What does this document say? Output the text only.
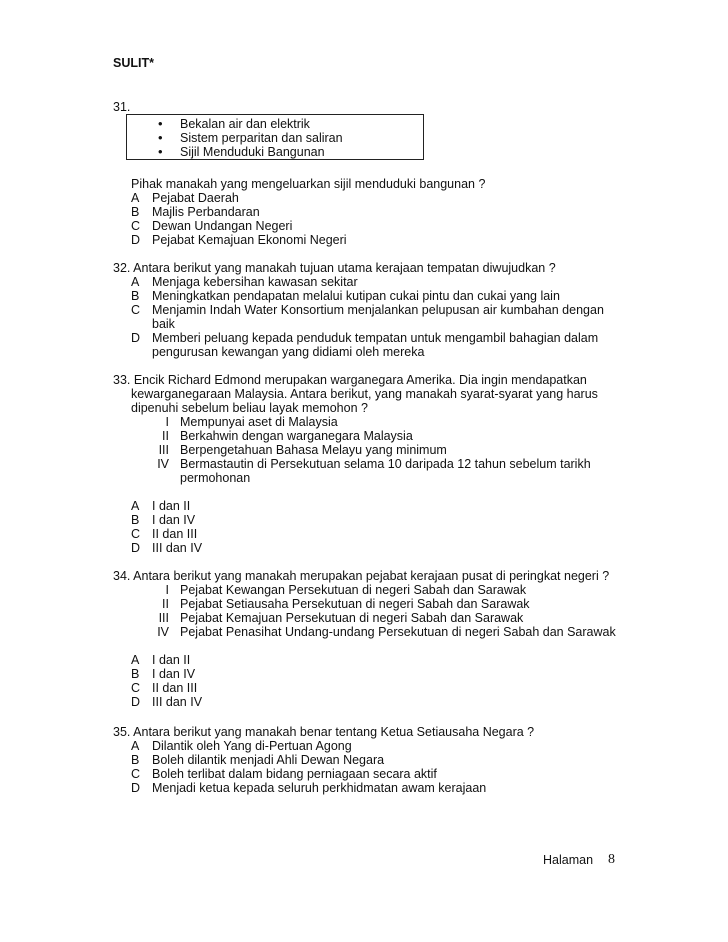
SULIT*
31.
• Bekalan air dan elektrik
• Sistem perparitan dan saliran
• Sijil Menduduki Bangunan
Pihak manakah yang mengeluarkan sijil menduduki bangunan ?
A Pejabat Daerah
B Majlis Perbandaran
C Dewan Undangan Negeri
D Pejabat Kemajuan Ekonomi Negeri
32. Antara berikut yang manakah tujuan utama kerajaan tempatan diwujudkan ?
A Menjaga kebersihan kawasan sekitar
B Meningkatkan pendapatan melalui kutipan cukai pintu dan cukai yang lain
C Menjamin Indah Water Konsortium menjalankan pelupusan air kumbahan dengan
baik
D Memberi peluang kepada penduduk tempatan untuk mengambil bahagian dalam
pengurusan kewangan yang didiami oleh mereka
33. Encik Richard Edmond merupakan warganegara Amerika. Dia ingin mendapatkan
kewarganegaraan Malaysia. Antara berikut, yang manakah syarat-syarat yang harus
dipenuhi sebelum beliau layak memohon ?
I Mempunyai aset di Malaysia
II Berkahwin dengan warganegara Malaysia
III Berpengetahuan Bahasa Melayu yang minimum
IV Bermastautin di Persekutuan selama 10 daripada 12 tahun sebelum tarikh
permohonan
A I dan II
B I dan IV
C II dan III
D III dan IV
34. Antara berikut yang manakah merupakan pejabat kerajaan pusat di peringkat negeri ?
I Pejabat Kewangan Persekutuan di negeri Sabah dan Sarawak
II Pejabat Setiausaha Persekutuan di negeri Sabah dan Sarawak
III Pejabat Kemajuan Persekutuan di negeri Sabah dan Sarawak
IV Pejabat Penasihat Undang-undang Persekutuan di negeri Sabah dan Sarawak
A I dan II
B I dan IV
C II dan III
D III dan IV
35. Antara berikut yang manakah benar tentang Ketua Setiausaha Negara ?
A Dilantik oleh Yang di-Pertuan Agong
B Boleh dilantik menjadi Ahli Dewan Negara
C Boleh terlibat dalam bidang perniagaan secara aktif
D Menjadi ketua kepada seluruh perkhidmatan awam kerajaan
Halaman 8
